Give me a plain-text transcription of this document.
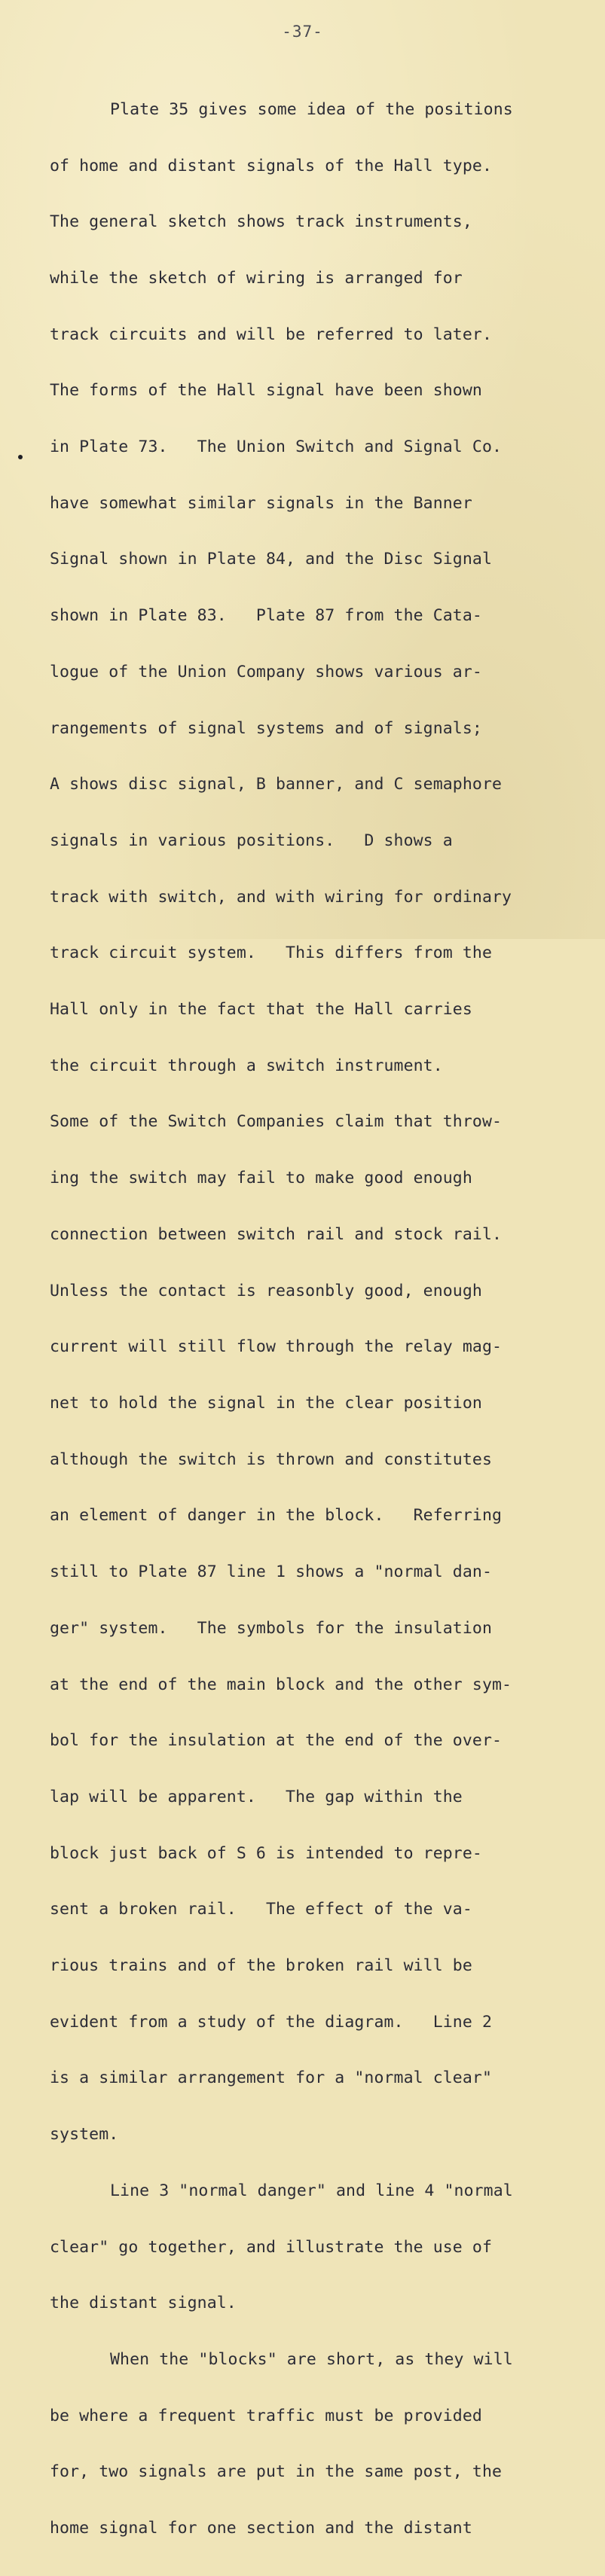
-37-

Plate 35 gives some idea of the positions

of home and distant signals of the Hall type.

The general sketch shows track instruments,

while the sketch of wiring is arranged for

track circuits and will be referred to later.

The forms of the Hall signal have been shown

in Plate 73.   The Union Switch and Signal Co.

have somewhat similar signals in the Banner

Signal shown in Plate 84, and the Disc Signal

shown in Plate 83.   Plate 87 from the Cata-

logue of the Union Company shows various ar-

rangements of signal systems and of signals;

A shows disc signal, B banner, and C semaphore

signals in various positions.   D shows a

track with switch, and with wiring for ordinary

track circuit system.   This differs from the

Hall only in the fact that the Hall carries

the circuit through a switch instrument.

Some of the Switch Companies claim that throw-

ing the switch may fail to make good enough

connection between switch rail and stock rail.

Unless the contact is reasonbly good, enough

current will still flow through the relay mag-

net to hold the signal in the clear position

although the switch is thrown and constitutes

an element of danger in the block.   Referring

still to Plate 87 line 1 shows a "normal dan-

ger" system.   The symbols for the insulation

at the end of the main block and the other sym-

bol for the insulation at the end of the over-

lap will be apparent.   The gap within the

block just back of S 6 is intended to repre-

sent a broken rail.   The effect of the va-

rious trains and of the broken rail will be

evident from a study of the diagram.   Line 2

is a similar arrangement for a "normal clear"

system.

Line 3 "normal danger" and line 4 "normal

clear" go together, and illustrate the use of

the distant signal.

When the "blocks" are short, as they will

be where a frequent traffic must be provided

for, two signals are put in the same post, the

home signal for one section and the distant
